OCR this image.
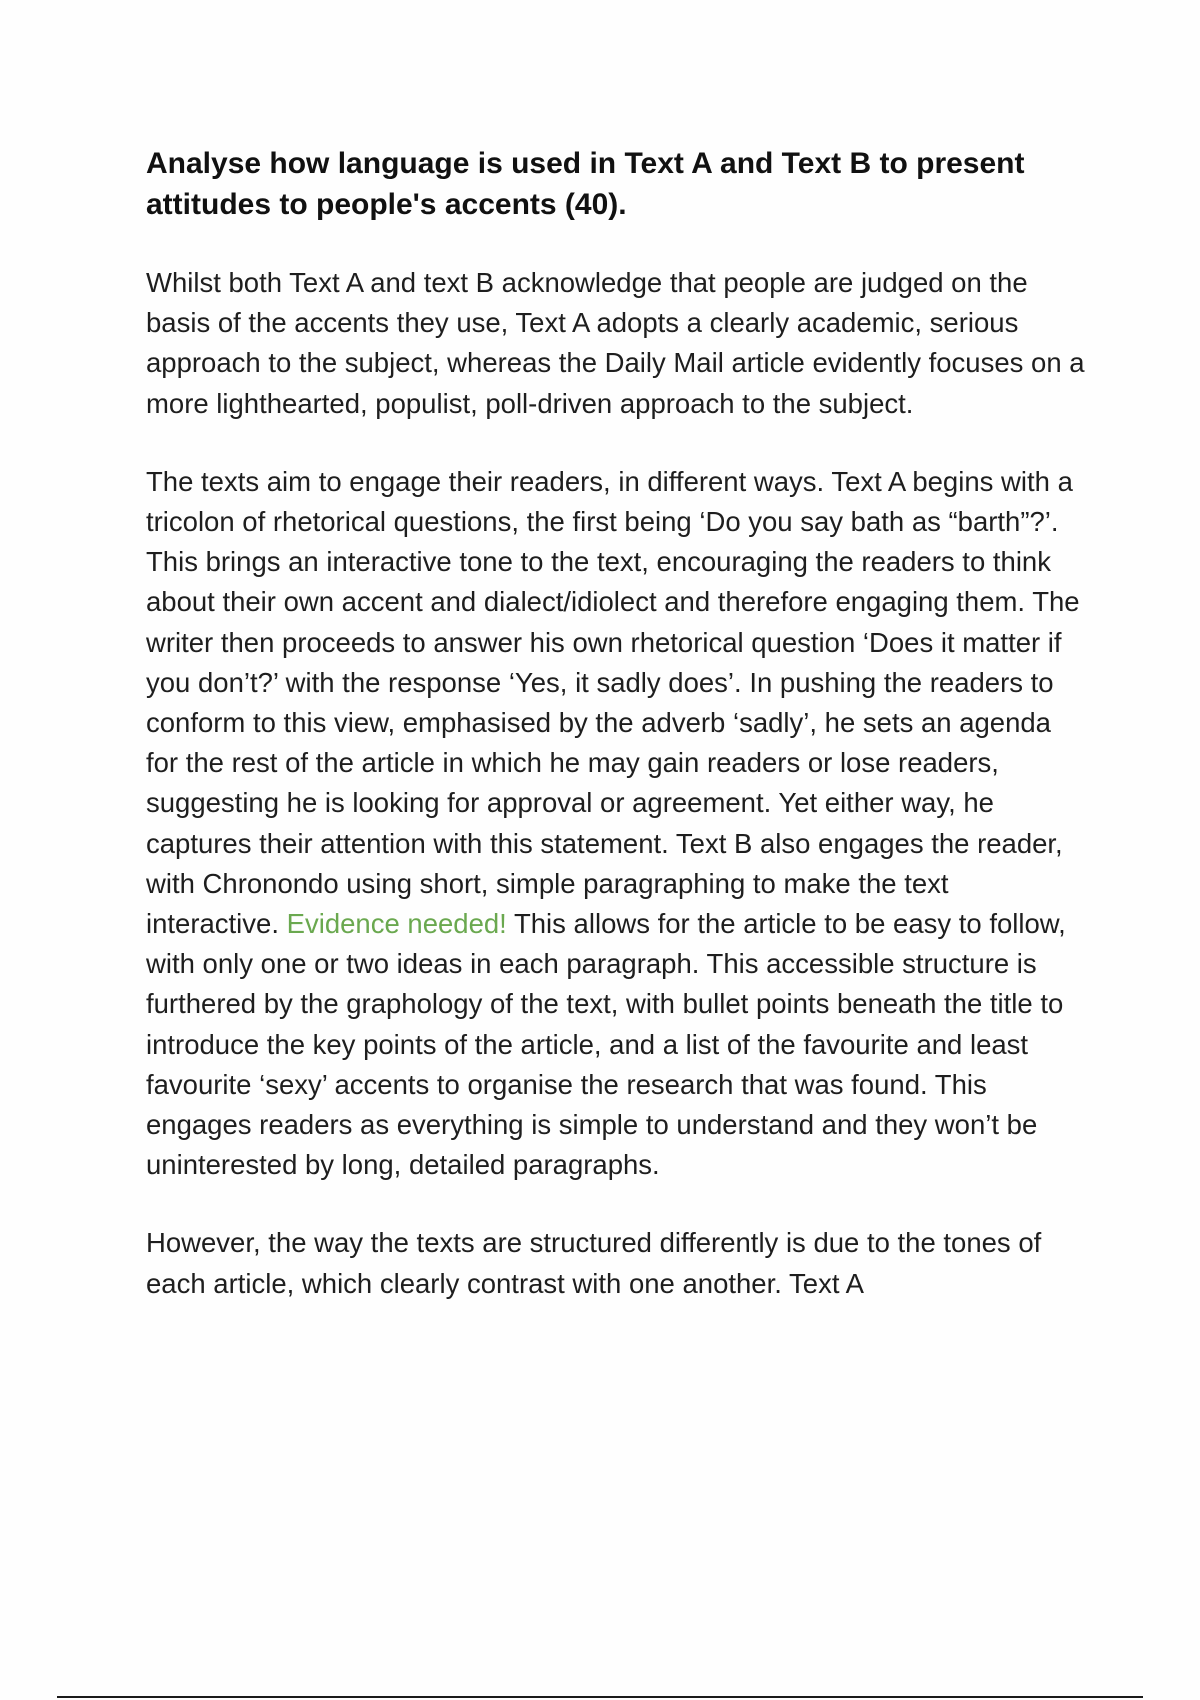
Analyse how language is used in Text A and Text B to present attitudes to people's accents (40).

Whilst both Text A and text B acknowledge that people are judged on the basis of the accents they use, Text A adopts a clearly academic, serious approach to the subject, whereas the Daily Mail article evidently focuses on a more lighthearted, populist, poll-driven approach to the subject.

The texts aim to engage their readers, in different ways. Text A begins with a tricolon of rhetorical questions, the first being ‘Do you say bath as “barth”?’. This brings an interactive tone to the text, encouraging the readers to think about their own accent and dialect/idiolect and therefore engaging them. The writer then proceeds to answer his own rhetorical question ‘Does it matter if you don’t?’ with the response ‘Yes, it sadly does’. In pushing the readers to conform to this view, emphasised by the adverb ‘sadly’, he sets an agenda for the rest of the article in which he may gain readers or lose readers, suggesting he is looking for approval or agreement. Yet either way, he captures their attention with this statement. Text B also engages the reader, with Chronondo using short, simple paragraphing to make the text interactive. Evidence needed! This allows for the article to be easy to follow, with only one or two ideas in each paragraph. This accessible structure is furthered by the graphology of the text, with bullet points beneath the title to introduce the key points of the article, and a list of the favourite and least favourite ‘sexy’ accents to organise the research that was found. This engages readers as everything is simple to understand and they won’t be uninterested by long, detailed paragraphs.

However, the way the texts are structured differently is due to the tones of each article, which clearly contrast with one another. Text A
